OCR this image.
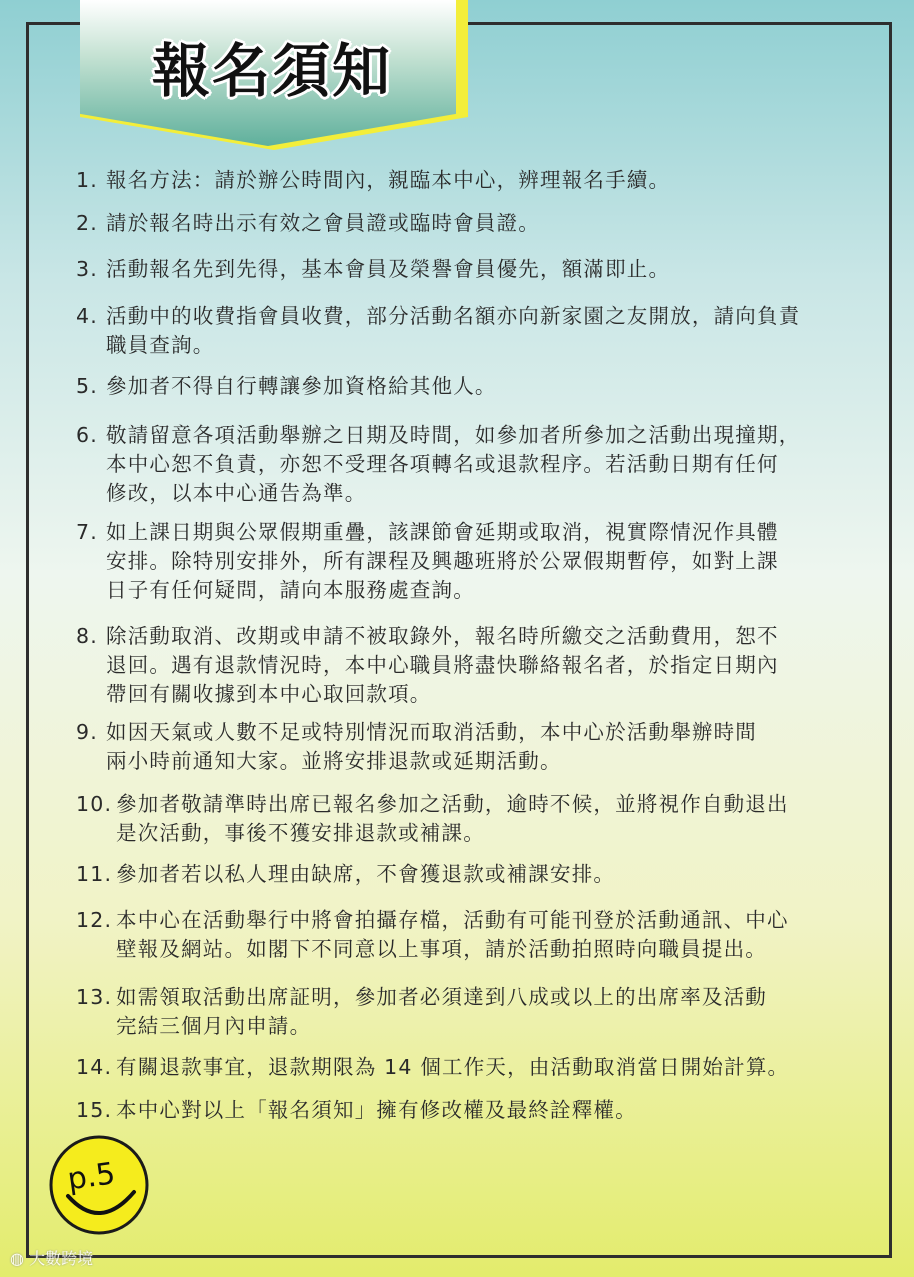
報名須知
1. 報名方法：請於辦公時間內，親臨本中心，辨理報名手續。
2. 請於報名時出示有效之會員證或臨時會員證。
3. 活動報名先到先得，基本會員及榮譽會員優先，額滿即止。
4. 活動中的收費指會員收費，部分活動名額亦向新家園之友開放，請向負責
職員查詢。
5. 參加者不得自行轉讓參加資格給其他人。
6. 敬請留意各項活動舉辦之日期及時間，如參加者所參加之活動出現撞期，
本中心恕不負責，亦恕不受理各項轉名或退款程序。若活動日期有任何
修改，以本中心通告為準。
7. 如上課日期與公眾假期重疊，該課節會延期或取消，視實際情況作具體
安排。除特別安排外，所有課程及興趣班將於公眾假期暫停，如對上課
日子有任何疑問，請向本服務處查詢。
8. 除活動取消、改期或申請不被取錄外，報名時所繳交之活動費用，恕不
退回。遇有退款情況時，本中心職員將盡快聯絡報名者，於指定日期內
帶回有關收據到本中心取回款項。
9. 如因天氣或人數不足或特別情況而取消活動，本中心於活動舉辦時間
兩小時前通知大家。並將安排退款或延期活動。
10. 參加者敬請準時出席已報名參加之活動，逾時不候，並將視作自動退出
是次活動，事後不獲安排退款或補課。
11. 參加者若以私人理由缺席，不會獲退款或補課安排。
12. 本中心在活動舉行中將會拍攝存檔，活動有可能刊登於活動通訊、中心
壁報及網站。如閣下不同意以上事項，請於活動拍照時向職員提出。
13. 如需領取活動出席証明，參加者必須達到八成或以上的出席率及活動
完結三個月內申請。
14. 有關退款事宜，退款期限為 14 個工作天，由活動取消當日開始計算。
15. 本中心對以上「報名須知」擁有修改權及最終詮釋權。
p.5
◍ 大數跨境
